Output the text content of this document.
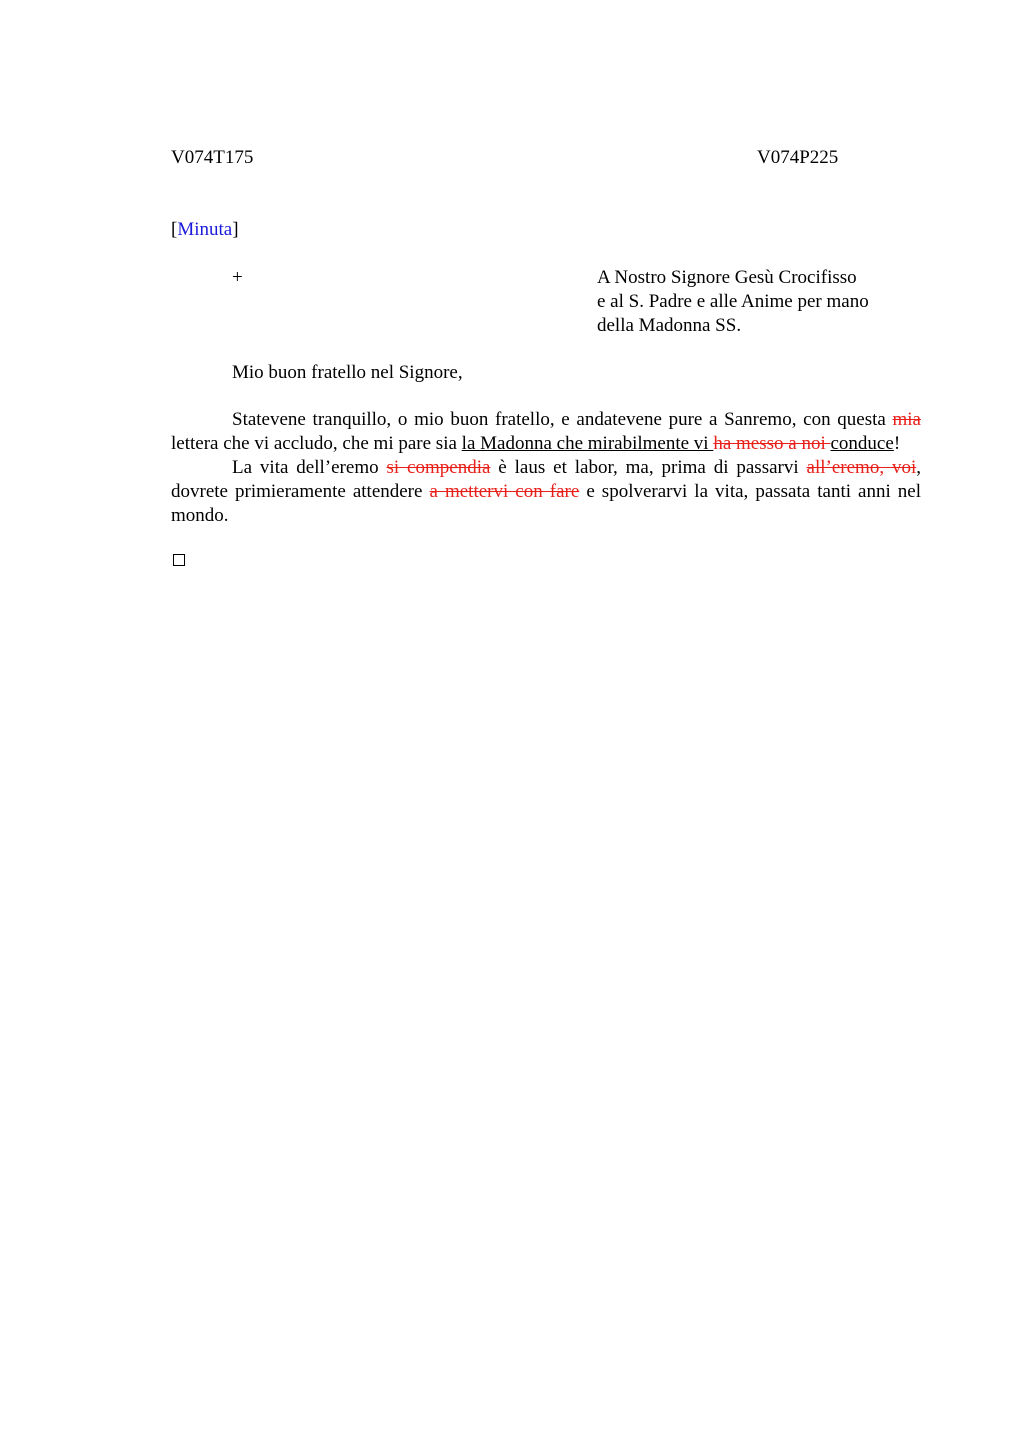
V074T175	V074P225
[Minuta]
+	A Nostro Signore Gesù Crocifisso
e al S. Padre e alle Anime per mano
della Madonna SS.
Mio buon fratello nel Signore,

Statevene tranquillo, o mio buon fratello, e andatevene pure a Sanremo, con questa mia lettera che vi accludo, che mi pare sia la Madonna che mirabilmente vi ha messo a noi conduce!

La vita dell’eremo si compendia è laus et labor, ma, prima di passarvi all’eremo, voi, dovrete primieramente attendere a mettervi con fare e spolverarvi la vita, passata tanti anni nel mondo.
